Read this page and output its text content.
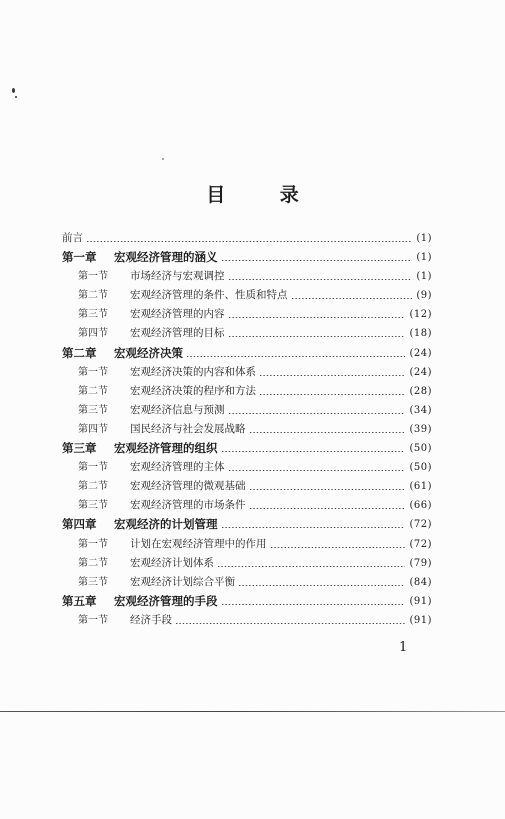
目 录
前言	(1)
第一章 宏观经济管理的涵义	(1)
第一节 市场经济与宏观调控	(1)
第二节 宏观经济管理的条件、性质和特点	(9)
第三节 宏观经济管理的内容	(12)
第四节 宏观经济管理的目标	(18)
第二章 宏观经济决策	(24)
第一节 宏观经济决策的内容和体系	(24)
第二节 宏观经济决策的程序和方法	(28)
第三节 宏观经济信息与预测	(34)
第四节 国民经济与社会发展战略	(39)
第三章 宏观经济管理的组织	(50)
第一节 宏观经济管理的主体	(50)
第二节 宏观经济管理的微观基础	(61)
第三节 宏观经济管理的市场条件	(66)
第四章 宏观经济的计划管理	(72)
第一节 计划在宏观经济管理中的作用	(72)
第二节 宏观经济计划体系	(79)
第三节 宏观经济计划综合平衡	(84)
第五章 宏观经济管理的手段	(91)
第一节 经济手段	(91)
1
